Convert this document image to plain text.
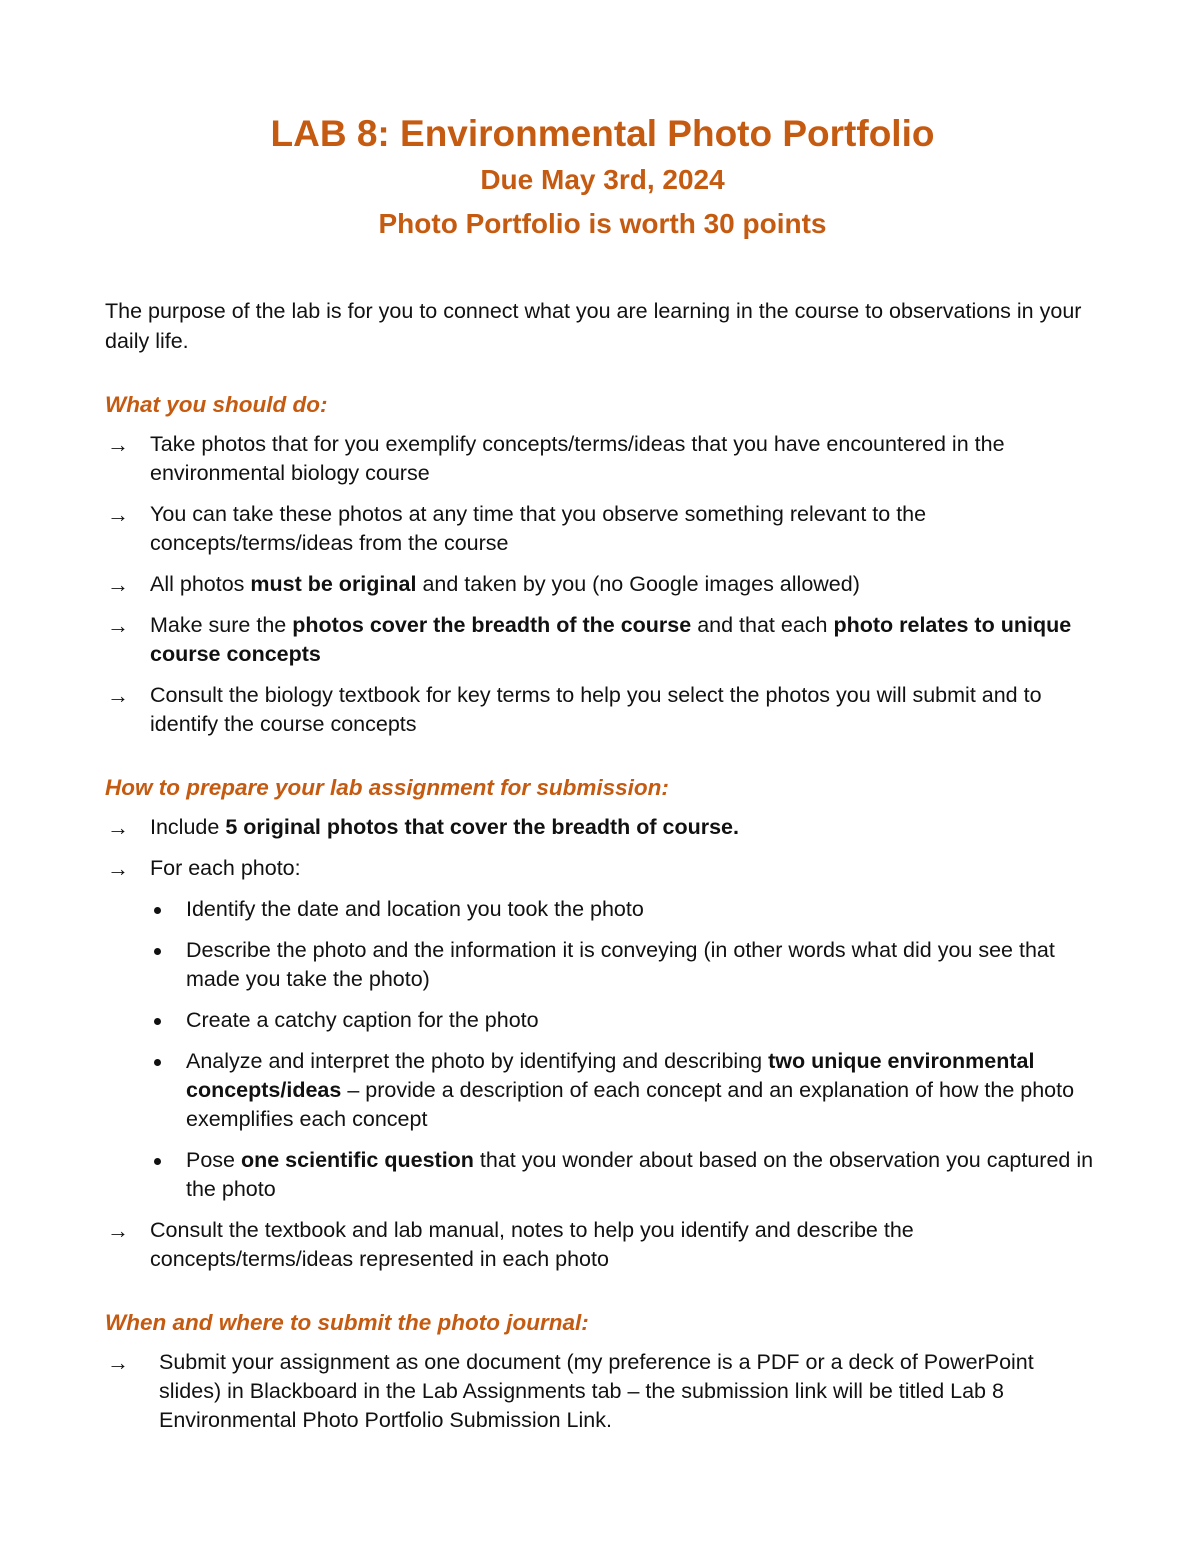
LAB 8: Environmental Photo Portfolio
Due May 3rd, 2024
Photo Portfolio is worth 30 points

The purpose of the lab is for you to connect what you are learning in the course to observations in your daily life.

What you should do:
→ Take photos that for you exemplify concepts/terms/ideas that you have encountered in the environmental biology course
→ You can take these photos at any time that you observe something relevant to the concepts/terms/ideas from the course
→ All photos must be original and taken by you (no Google images allowed)
→ Make sure the photos cover the breadth of the course and that each photo relates to unique course concepts
→ Consult the biology textbook for key terms to help you select the photos you will submit and to identify the course concepts
How to prepare your lab assignment for submission:
→ Include 5 original photos that cover the breadth of course.
→ For each photo:
Identify the date and location you took the photo
Describe the photo and the information it is conveying (in other words what did you see that made you take the photo)
Create a catchy caption for the photo
Analyze and interpret the photo by identifying and describing two unique environmental concepts/ideas – provide a description of each concept and an explanation of how the photo exemplifies each concept
Pose one scientific question that you wonder about based on the observation you captured in the photo
→ Consult the textbook and lab manual, notes to help you identify and describe the concepts/terms/ideas represented in each photo
When and where to submit the photo journal:
→ Submit your assignment as one document (my preference is a PDF or a deck of PowerPoint slides) in Blackboard in the Lab Assignments tab – the submission link will be titled Lab 8 Environmental Photo Portfolio Submission Link.
